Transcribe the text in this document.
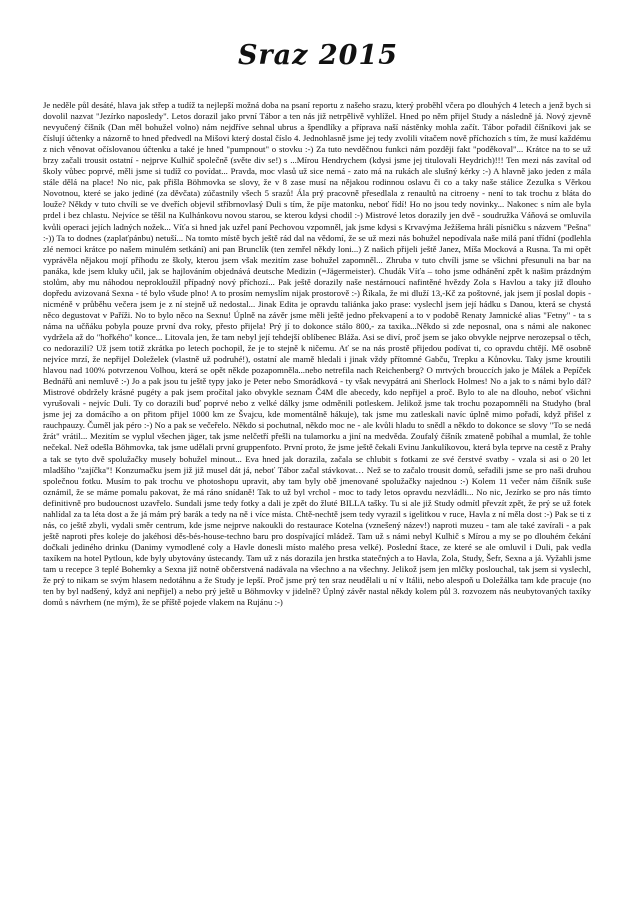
Sraz 2015

Je neděle půl desáté, hlava jak střep a tudíž ta nejlepší možná doba na psaní reportu z našeho srazu, který proběhl včera po dlouhých 4 letech a jenž bych si dovolil nazvat "Jezírko naposledy". Letos dorazil jako první Tábor a ten nás již netrpělivě vyhlížel. Hned po něm přijel Study a následně já. Nový zjevně nevyučený číšník (Dan měl bohužel volno) nám nejdříve sehnal ubrus a špendlíky a příprava naší nástěnky mohla začít. Tábor pořadil číšníkovi jak se číslují účtenky a názorně to hned předvedl na Mišovi který dostal číslo 4. Jednohlasně jsme jej tedy zvolili vítačem nově příchozích s tím, že musí každému z nich věnovat očíslovanou účtenku a také je hned "pumpnout" o stovku :-) Za tuto nevděčnou funkci nám později fakt "poděkoval"... Krátce na to se už brzy začali trousit ostatní - nejprve Kulhič společně (světe div se!) s ...Mírou Hendrychem (kdysi jsme jej titulovali Heydrich)!!! Ten mezi nás zavítal od školy vůbec poprvé, měli jsme si tudíž co povídat... Pravda, moc vlasů už sice nemá - zato má na rukách ale slušný kérky :-) A hlavně jako jeden z mála stále dělá na place! No nic, pak přišla Böhmovka se slovy, že v 8 zase musí na nějakou rodinnou oslavu či co a taky naše stálice Zezulka s Věrkou Novotnou, které se jako jediné (za děvčata) zúčastnily všech 5 srazů! Ála prý pracovně přesedlala z renaultů na citroeny - není to tak trochu z bláta do louže? Někdy v tuto chvíli se ve dveřích objevil stříbrnovlasý Duli s tím, že píje matonku, neboť řídí! Ho no jsou tedy novinky... Nakonec s ním ale byla prdel i bez chlastu. Nejvíce se těšil na Kulhánkovu novou starou, se kterou kdysi chodil :-) Mistrové letos dorazily jen dvě - soudružka Váňová se omluvila kvůli operaci jejích ladných nožek... Víťa si hned jak uzřel paní Pechovou vzpomněl, jak jsme kdysi s Krvavýma Ježíšema hráli písničku s názvem "Pešna" :-)) Ta to dodnes (zaplaťpánbu) netuší... Na tomto místě bych ještě rád dal na vědomí, že se už mezi nás bohužel nepodívala naše milá paní třídní (podlehla zlé nemoci krátce po našem minulém setkání) ani pan Brunclík (ten zemřel někdy loni...) Z našich přijeli ještě Janez, Míša Mocková a Rusna. Ta mi opět vyprávěla nějakou mojí příhodu ze školy, kterou jsem však mezitím zase bohužel zapomněl... Zhruba v tuto chvíli jsme se všichni přesunuli na bar na panáka, kde jsem kluky učil, jak se hajlováním objednává deutsche Medizin (=Jägermeister). Chudák Víťa – toho jsme odhánění zpět k našim prázdným stolům, aby mu náhodou neprokloužil případný nový příchozí... Pak ještě dorazily naše nestárnoucí nafintěné hvězdy Zola s Havlou a taky již dlouho dopředu avizovaná Sexna - té bylo všude plno! A to prosím nemyslím nijak prostorově :-) Říkala, že mi dluží 13,-Kč za poštovné, jak jsem jí poslal dopis - nicméně v průběhu večera jsem je z ní stejně už nedostal... Jinak Edita je opravdu taliánka jako prase: vyslechl jsem její hádku s Danou, která se chystá něco degustovat v Paříži. No to bylo něco na Sexnu! Úplně na závěr jsme měli ještě jedno překvapení a to v podobě Renaty Jamnické alias "Fetny" - ta s náma na učňáku pobyla pouze první dva roky, přesto přijela! Prý jí to dokonce stálo 800,- za taxika...Někdo si zde neposnal, ona s námi ale nakonec vydržela až do "hořkého" konce... Litovala jen, že tam nebyl její tehdejší oblíbenec Bláža. Asi se diví, proč jsem se jako obvykle nejprve nerozepsal o těch, co nedorazili? Už jsem totiž zkrátka po letech pochopil, že je to stejně k ničemu. Ať se na nás prostě přijedou podívat ti, co opravdu chtějí. Mě osobně nejvíce mrzí, že nepřijel Doleželek (vlastně už podruhé!), ostatní ale mamě hledali i jinak vždy přítomné Gabču, Trepku a Kůnovku. Taky jsme kroutili hlavou nad 100% potvrzenou Volhou, která se opět někde pozapomněla...nebo netrefila nach Reichenberg? O mrtvých brouccích jako je Málek a Pepíček Bednářů ani nemluvě :-) Jo a pak jsou tu ještě typy jako je Peter nebo Smorádková - ty však nevypátrá ani Sherlock Holmes! No a jak to s námi bylo dál? Mistrové obdržely krásné pugéty a pak jsem pročítal jako obvykle seznam Č4M dle abecedy, kdo nepřijel a proč. Bylo to ale na dlouho, neboť všichni vyrušovali - nejvíc Duli. Ty co dorazili buď poprvé nebo z velké dálky jsme odměnili potleskem. Jelikož jsme tak trochu pozapomněli na Studyho (bral jsme jej za domácího a on přitom přijel 1000 km ze Švajcu, kde momentálně hákuje), tak jsme mu zatleskali navíc úplně mimo pořadí, když přišel z rauchpauzy. Čuměl jak péro :-) No a pak se večeřelo. Někdo si pochutnal, někdo moc ne - ale kvůli hladu to snědl a někdo to dokonce se slovy "To se nedá žrát" vrátil... Mezitím se vyplul všechen jäger, tak jsme nelčetří přešli na tulamorku a jiní na medvěda. Zoufalý číšník zmateně pobíhal a mumlal, že tohle nečekal. Než odešla Böhmovka, tak jsme udělali první gruppenfoto. První proto, že jsme ještě čekali Evinu Jankulíkovou, která byla teprve na cestě z Prahy a tak se tyto dvě spolužačky musely bohužel minout... Eva hned jak dorazila, začala se chlubit s fotkami ze své čerstvé svatby - vzala si asi o 20 let mladšího "zajíčka"! Konzumačku jsem již již musel dát já, neboť Tábor začal stávkovat… Než se to začalo trousit domů, seřadili jsme se pro naši druhou společnou fotku. Musím to pak trochu ve photoshopu upravit, aby tam byly obě jmenované spolužačky najednou :-) Kolem 11 večer nám číšník suše oznámil, že se máme pomalu pakovat, že má ráno snídaně! Tak to už byl vrchol - moc to tady letos opravdu nezvládli... No nic, Jezírko se pro nás tímto definitivně pro budoucnost uzavřelo. Sundali jsme tedy fotky a dali je zpět do žluté BILLA tašky. Tu si ale již Study odmítl převzít zpět, že prý se už fotek nahlídal za ta léta dost a že já mám prý barák a tedy na ně i více místa. Chtě-nechtě jsem tedy vyrazil s igelitkou v ruce, Havla z ní měla dost :-) Pak se ti z nás, co ještě zbyli, vydali směr centrum, kde jsme nejprve nakoukli do restaurace Kotelna (vznešený název!) naproti muzeu - tam ale také zavírali - a pak ještě naproti přes koleje do jakéhosi děs-bés-house-techno baru pro dospívající mládež. Tam už s námi nebyl Kulhič s Mírou a my se po dlouhém čekání dočkali jediného drinku (Danimy vymodlené coly a Havle donesli místo malého presa velké). Poslední štace, ze které se ale omluvil i Duli, pak vedla taxíkem na hotel Pytloun, kde byly ubytovány ústecandy. Tam už z nás dorazila jen hrstka statečných a to Havla, Zola, Study, Šefr, Sexna a já. Vyžahli jsme tam u recepce 3 teplé Bohemky a Sexna již notně občerstvená nadávala na všechno a na všechny. Jelikož jsem jen mlčky poslouchal, tak jsem si vyslechl, že prý to nikam se svým hlasem nedotáhnu a že Study je lepší. Proč jsme prý ten sraz neudělali u ní v Itálii, nebo alespoň u Doležálka tam kde pracuje (no ten by byl nadšený, když ani nepřijel) a nebo prý ještě u Böhmovky v jidelně? Úplný závěr nastal někdy kolem půl 3. rozvozem nás neubytovaných taxíky domů s návrhem (ne mým), že se příště pojede vlakem na Rujánu :-)
